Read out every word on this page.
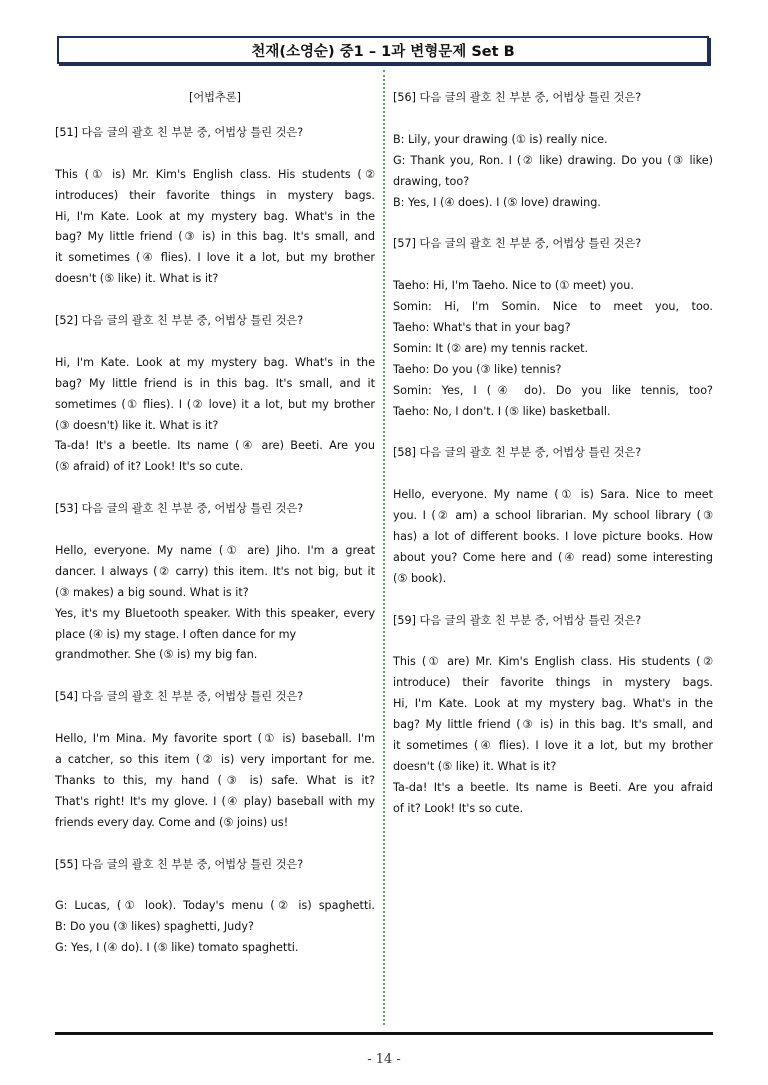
천재(소영순) 중1 – 1과 변형문제 Set B
[어법추론]
[51] 다음 글의 괄호 친 부분 중, 어법상 틀린 것은?
This (① is) Mr. Kim's English class. His students (②
introduces) their favorite things in mystery bags.
Hi, I'm Kate. Look at my mystery bag. What's in the
bag? My little friend (③ is) in this bag. It's small, and
it sometimes (④ flies). I love it a lot, but my brother
doesn't (⑤ like) it. What is it?
[52] 다음 글의 괄호 친 부분 중, 어법상 틀린 것은?
Hi, I'm Kate. Look at my mystery bag. What's in the
bag? My little friend is in this bag. It's small, and it
sometimes (① flies). I (② love) it a lot, but my brother
(③ doesn't) like it. What is it?
Ta-da! It's a beetle. Its name (④ are) Beeti. Are you
(⑤ afraid) of it? Look! It's so cute.
[53] 다음 글의 괄호 친 부분 중, 어법상 틀린 것은?
Hello, everyone. My name (① are) Jiho. I'm a great
dancer. I always (② carry) this item. It's not big, but it
(③ makes) a big sound. What is it?
Yes, it's my Bluetooth speaker. With this speaker, every
place (④ is) my stage. I often dance for my
grandmother. She (⑤ is) my big fan.
[54] 다음 글의 괄호 친 부분 중, 어법상 틀린 것은?
Hello, I'm Mina. My favorite sport (① is) baseball. I'm
a catcher, so this item (② is) very important for me.
Thanks to this, my hand (③ is) safe. What is it?
That's right! It's my glove. I (④ play) baseball with my
friends every day. Come and (⑤ joins) us!
[55] 다음 글의 괄호 친 부분 중, 어법상 틀린 것은?
G: Lucas, (① look). Today's menu (② is) spaghetti.
B: Do you (③ likes) spaghetti, Judy?
G: Yes, I (④ do). I (⑤ like) tomato spaghetti.
[56] 다음 글의 괄호 친 부분 중, 어법상 틀린 것은?
B: Lily, your drawing (① is) really nice.
G: Thank you, Ron. I (② like) drawing. Do you (③ like)
drawing, too?
B: Yes, I (④ does). I (⑤ love) drawing.
[57] 다음 글의 괄호 친 부분 중, 어법상 틀린 것은?
Taeho: Hi, I'm Taeho. Nice to (① meet) you.
Somin: Hi, I'm Somin. Nice to meet you, too.
Taeho: What's that in your bag?
Somin: It (② are) my tennis racket.
Taeho: Do you (③ like) tennis?
Somin: Yes, I (④ do). Do you like tennis, too?
Taeho: No, I don't. I (⑤ like) basketball.
[58] 다음 글의 괄호 친 부분 중, 어법상 틀린 것은?
Hello, everyone. My name (① is) Sara. Nice to meet
you. I (② am) a school librarian. My school library (③
has) a lot of different books. I love picture books. How
about you? Come here and (④ read) some interesting
(⑤ book).
[59] 다음 글의 괄호 친 부분 중, 어법상 틀린 것은?
This (① are) Mr. Kim's English class. His students (②
introduce) their favorite things in mystery bags.
Hi, I'm Kate. Look at my mystery bag. What's in the
bag? My little friend (③ is) in this bag. It's small, and
it sometimes (④ flies). I love it a lot, but my brother
doesn't (⑤ like) it. What is it?
Ta-da! It's a beetle. Its name is Beeti. Are you afraid
of it? Look! It's so cute.
- 14 -
